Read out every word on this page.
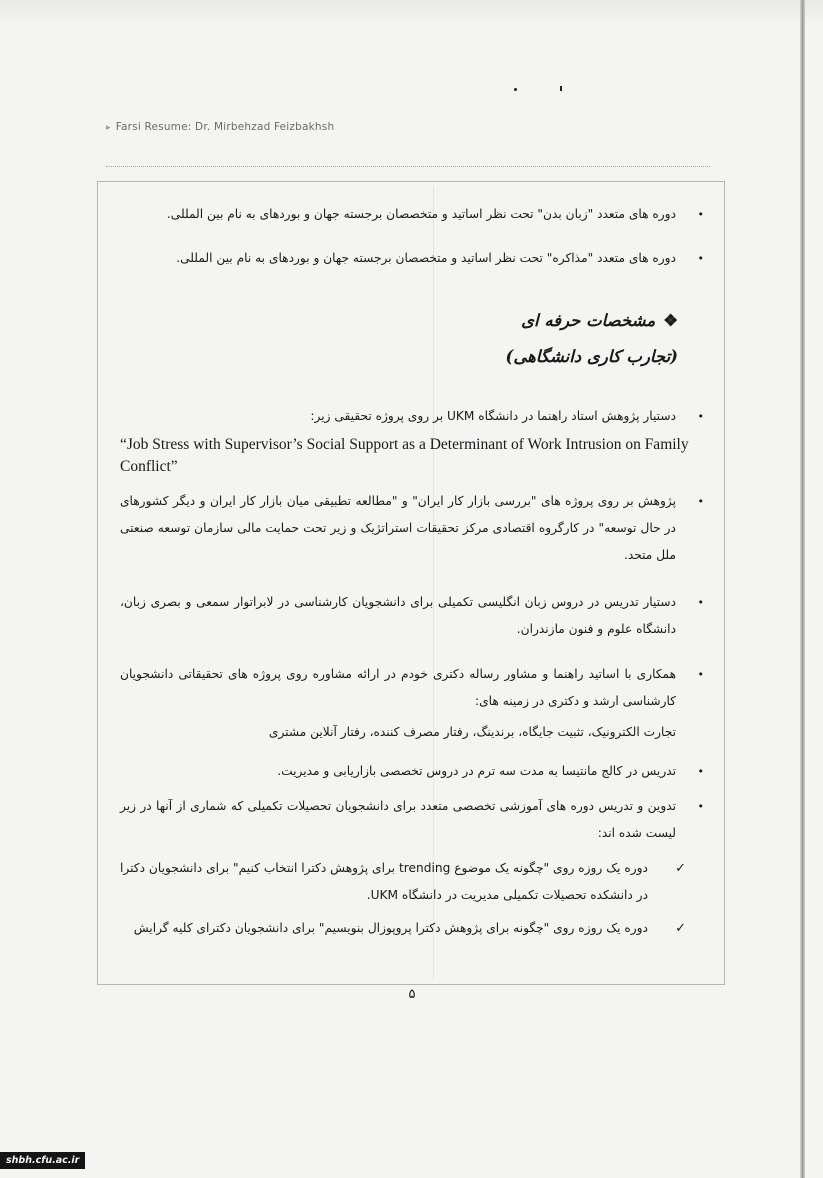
▸ Farsi Resume: Dr. Mirbehzad Feizbakhsh

•
دوره های متعدد "زبان بدن" تحت نظر اساتید و متخصصان برجسته جهان و بوردهای به نام بین المللی.

•
دوره های متعدد "مذاکره" تحت نظر اساتید و متخصصان برجسته جهان و بوردهای به نام بین المللی.

❖مشخصات حرفه ای

(تجارب کاری دانشگاهی)

•
دستیار پژوهش استاد راهنما در دانشگاه UKM بر روی پروژه تحقیقی زیر:

“Job Stress with Supervisor’s Social Support as a Determinant of Work Intrusion on Family Conflict”

•
پژوهش بر روی پروژه های "بررسی بازار کار ایران" و "مطالعه تطبیقی میان بازار کار ایران و دیگر کشورهای در حال توسعه" در کارگروه اقتصادی مرکز تحقیقات استراتژیک و زیر تحت حمایت مالی سازمان توسعه صنعتی ملل متحد.

•
دستیار تدریس در دروس زبان انگلیسی تکمیلی برای دانشجویان کارشناسی در لابراتوار سمعی و بصری زبان، دانشگاه علوم و فنون مازندران.

•
همکاری با اساتید راهنما و مشاور رساله دکتری خودم در ارائه مشاوره روی پروژه های تحقیقاتی دانشجویان کارشناسی ارشد و دکتری در زمینه های:

تجارت الکترونیک، تثبیت جایگاه، برندینگ، رفتار مصرف کننده، رفتار آنلاین مشتری

•
تدریس در کالج مانتیسا به مدت سه ترم در دروس تخصصی بازاریابی و مدیریت.

•
تدوین و تدریس دوره های آموزشی تخصصی متعدد برای دانشجویان تحصیلات تکمیلی که شماری از آنها در زیر لیست شده اند:

✓
دوره یک روزه روی "چگونه یک موضوع trending برای پژوهش دکترا انتخاب کنیم" برای دانشجویان دکترا در دانشکده تحصیلات تکمیلی مدیریت در دانشگاه UKM.

✓
دوره یک روزه روی "چگونه برای پژوهش دکترا پروپوزال بنویسیم" برای دانشجویان دکترای کلیه گرایش

۵
shbh.cfu.ac.ir
